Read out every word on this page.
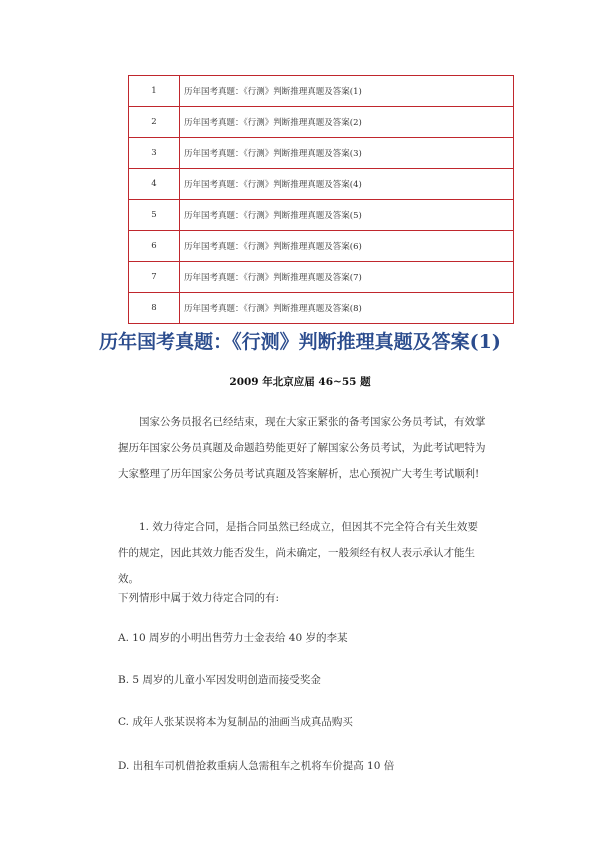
1	历年国考真题：《行测》判断推理真题及答案(1)
2	历年国考真题：《行测》判断推理真题及答案(2)
3	历年国考真题：《行测》判断推理真题及答案(3)
4	历年国考真题：《行测》判断推理真题及答案(4)
5	历年国考真题：《行测》判断推理真题及答案(5)
6	历年国考真题：《行测》判断推理真题及答案(6)
7	历年国考真题：《行测》判断推理真题及答案(7)
8	历年国考真题：《行测》判断推理真题及答案(8)
历年国考真题：《行测》判断推理真题及答案(1)
2009 年北京应届 46~55 题

国家公务员报名已经结束，现在大家正紧张的备考国家公务员考试，有效掌握历年国家公务员真题及命题趋势能更好了解国家公务员考试，为此考试吧特为大家整理了历年国家公务员考试真题及答案解析，忠心预祝广大考生考试顺利!

1. 效力待定合同，是指合同虽然已经成立，但因其不完全符合有关生效要件的规定，因此其效力能否发生，尚未确定，一般须经有权人表示承认才能生效。

下列情形中属于效力待定合同的有:
A. 10 周岁的小明出售劳力士金表给 40 岁的李某
B. 5 周岁的儿童小军因发明创造而接受奖金
C. 成年人张某误将本为复制品的油画当成真品购买
D. 出租车司机借抢救重病人急需租车之机将车价提高 10 倍
